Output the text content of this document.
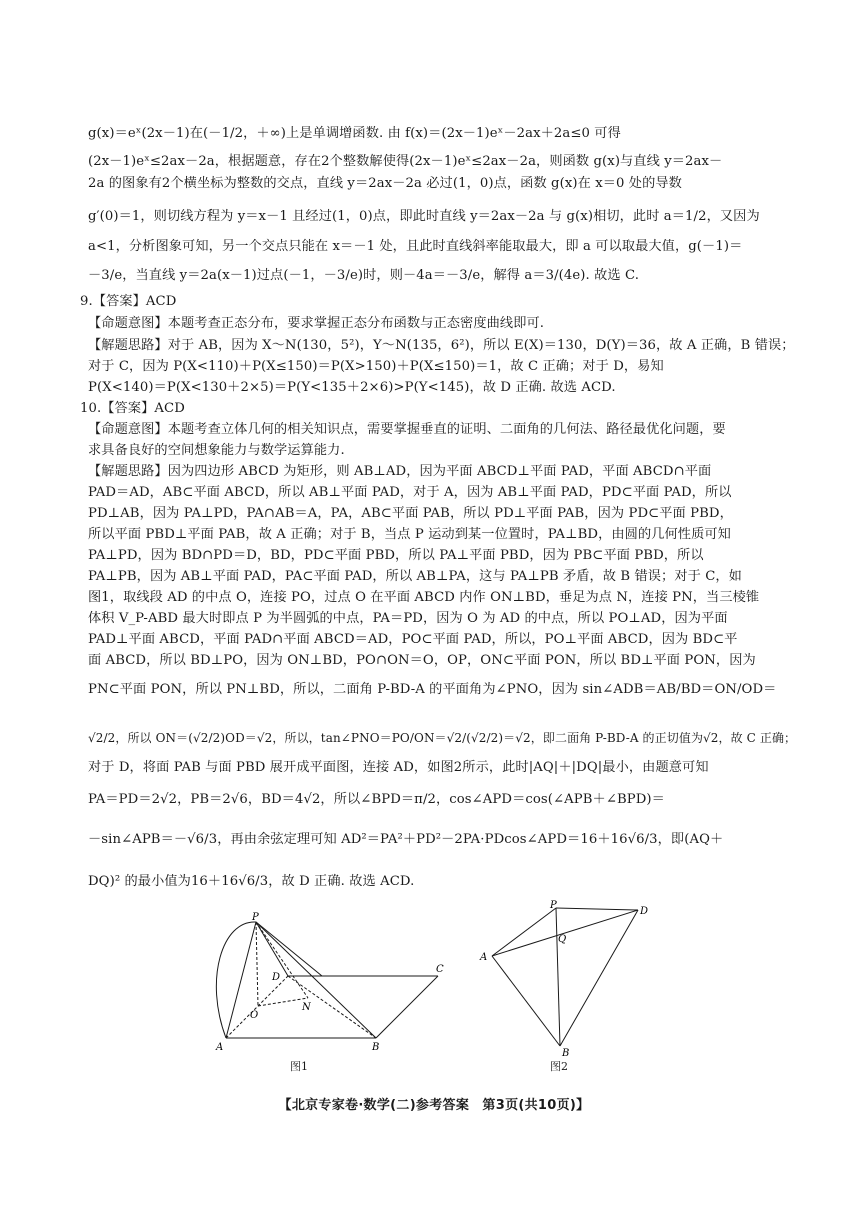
g(x)＝eˣ(2x－1)在(－1/2，＋∞)上是单调增函数. 由 f(x)＝(2x－1)eˣ－2ax＋2a≤0 可得
(2x－1)eˣ≤2ax－2a，根据题意，存在2个整数解使得(2x－1)eˣ≤2ax－2a，则函数 g(x)与直线 y＝2ax－
2a 的图象有2个横坐标为整数的交点，直线 y＝2ax－2a 必过(1，0)点，函数 g(x)在 x＝0 处的导数
g′(0)＝1，则切线方程为 y＝x－1 且经过(1，0)点，即此时直线 y＝2ax－2a 与 g(x)相切，此时 a＝1/2，又因为
a<1，分析图象可知，另一个交点只能在 x＝－1 处，且此时直线斜率能取最大，即 a 可以取最大值，g(－1)＝
－3/e，当直线 y＝2a(x－1)过点(－1，－3/e)时，则－4a＝－3/e，解得 a＝3/(4e). 故选 C.
9.【答案】ACD
【命题意图】本题考查正态分布，要求掌握正态分布函数与正态密度曲线即可.
【解题思路】对于 AB，因为 X～N(130，5²)，Y～N(135，6²)，所以 E(X)＝130，D(Y)＝36，故 A 正确，B 错误；
对于 C，因为 P(X<110)＋P(X≤150)＝P(X>150)＋P(X≤150)＝1，故 C 正确；对于 D，易知
P(X<140)＝P(X<130＋2×5)＝P(Y<135＋2×6)>P(Y<145)，故 D 正确. 故选 ACD.
10.【答案】ACD
【命题意图】本题考查立体几何的相关知识点，需要掌握垂直的证明、二面角的几何法、路径最优化问题，要
求具备良好的空间想象能力与数学运算能力.
【解题思路】因为四边形 ABCD 为矩形，则 AB⊥AD，因为平面 ABCD⊥平面 PAD，平面 ABCD∩平面
PAD＝AD，AB⊂平面 ABCD，所以 AB⊥平面 PAD，对于 A，因为 AB⊥平面 PAD，PD⊂平面 PAD，所以
PD⊥AB，因为 PA⊥PD，PA∩AB＝A，PA，AB⊂平面 PAB，所以 PD⊥平面 PAB，因为 PD⊂平面 PBD，
所以平面 PBD⊥平面 PAB，故 A 正确；对于 B，当点 P 运动到某一位置时，PA⊥BD，由圆的几何性质可知
PA⊥PD，因为 BD∩PD＝D，BD，PD⊂平面 PBD，所以 PA⊥平面 PBD，因为 PB⊂平面 PBD，所以
PA⊥PB，因为 AB⊥平面 PAD，PA⊂平面 PAD，所以 AB⊥PA，这与 PA⊥PB 矛盾，故 B 错误；对于 C，如
图1，取线段 AD 的中点 O，连接 PO，过点 O 在平面 ABCD 内作 ON⊥BD，垂足为点 N，连接 PN，当三棱锥
体积 V_P-ABD 最大时即点 P 为半圆弧的中点，PA＝PD，因为 O 为 AD 的中点，所以 PO⊥AD，因为平面
PAD⊥平面 ABCD，平面 PAD∩平面 ABCD＝AD，PO⊂平面 PAD，所以，PO⊥平面 ABCD，因为 BD⊂平
面 ABCD，所以 BD⊥PO，因为 ON⊥BD，PO∩ON＝O，OP，ON⊂平面 PON，所以 BD⊥平面 PON，因为
PN⊂平面 PON，所以 PN⊥BD，所以，二面角 P-BD-A 的平面角为∠PNO，因为 sin∠ADB＝AB/BD＝ON/OD＝
√2/2，所以 ON＝(√2/2)OD＝√2，所以，tan∠PNO＝PO/ON＝√2/(√2/2)＝√2，即二面角 P-BD-A 的正切值为√2，故 C 正确；
对于 D，将面 PAB 与面 PBD 展开成平面图，连接 AD，如图2所示，此时|AQ|＋|DQ|最小，由题意可知
PA＝PD＝2√2，PB＝2√6，BD＝4√2，所以∠BPD＝π/2，cos∠APD＝cos(∠APB＋∠BPD)＝
－sin∠APB＝－√6/3，再由余弦定理可知 AD²＝PA²＋PD²－2PA·PDcos∠APD＝16＋16√6/3，即(AQ＋
DQ)² 的最小值为16＋16√6/3，故 D 正确. 故选 ACD.
P
A	B
C
D
O
N
图1
P
D
Q
A
B
图2
【北京专家卷·数学(二)参考答案　第3页(共10页)】
